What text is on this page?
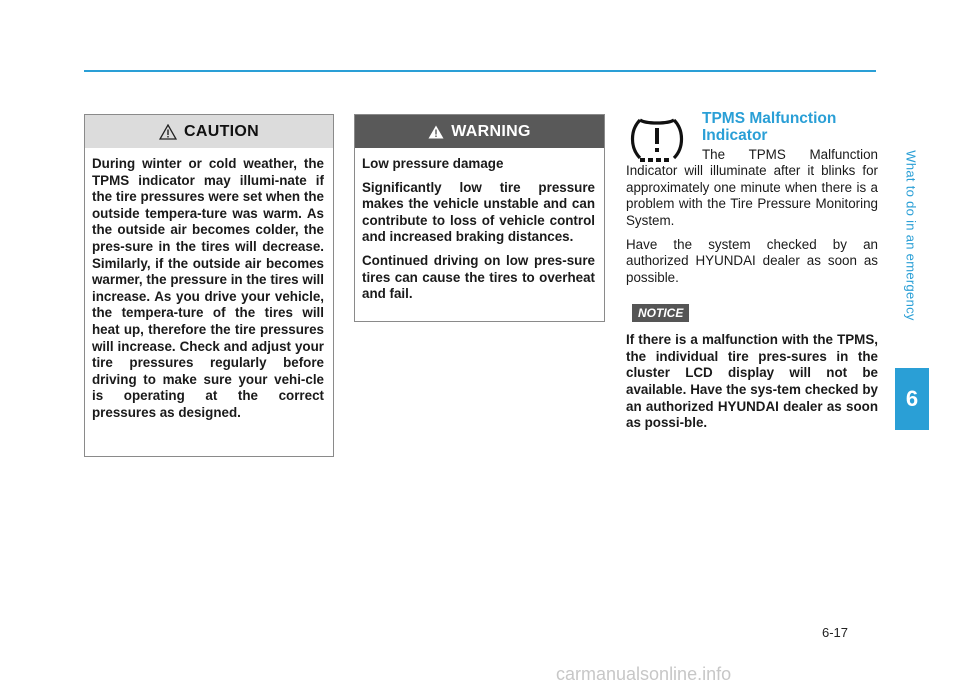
What to do in an emergency
6
CAUTION

During winter or cold weather, the TPMS indicator may illumi-nate if the tire pressures were set when the outside tempera-ture was warm. As the outside air becomes colder, the pres-sure in the tires will decrease. Similarly, if the outside air becomes warmer, the pressure in the tires will increase. As you drive your vehicle, the tempera-ture of the tires will heat up, therefore the tire pressures will increase. Check and adjust your tire pressures regularly before driving to make sure your vehi-cle is operating at the correct pressures as designed.

WARNING

Low pressure damage

Significantly low tire pressure makes the vehicle unstable and can contribute to loss of vehicle control and increased braking distances.

Continued driving on low pres-sure tires can cause the tires to overheat and fail.

TPMS Malfunction Indicator

The TPMS Malfunction Indicator will illuminate after it blinks for approximately one minute when there is a problem with the Tire Pressure Monitoring System.

Have the system checked by an authorized HYUNDAI dealer as soon as possible.

NOTICE

If there is a malfunction with the TPMS, the individual tire pres-sures in the cluster LCD display will not be available. Have the sys-tem checked by an authorized HYUNDAI dealer as soon as possi-ble.

6-17
carmanualsonline.info
